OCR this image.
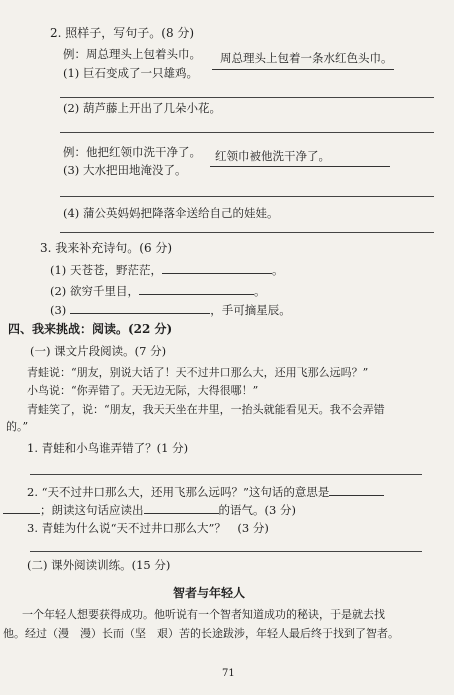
2. 照样子，写句子。(8 分)
例：周总理头上包着头巾。 周总理头上包着一条水红色头巾。
(1) 巨石变成了一只雄鸡。
(2) 葫芦藤上开出了几朵小花。
例：他把红领巾洗干净了。 红领巾被他洗干净了。
(3) 大水把田地淹没了。
(4) 蒲公英妈妈把降落伞送给自己的娃娃。
3. 我来补充诗句。(6 分)
(1) 天苍苍，野茫茫，	。
(2) 欲穷千里目，	。
(3)	，手可摘星辰。
四、我来挑战：阅读。(22 分)
(一) 课文片段阅读。(7 分)
青蛙说：“朋友，别说大话了！天不过井口那么大，还用飞那么远吗？”
小鸟说：“你弄错了。天无边无际，大得很哪！”
青蛙笑了，说：“朋友，我天天坐在井里，一抬头就能看见天。我不会弄错
的。”
1. 青蛙和小鸟谁弄错了？(1 分)
2. “天不过井口那么大，还用飞那么远吗？”这句话的意思是
；朗读这句话应读出	的语气。(3 分)
3. 青蛙为什么说“天不过井口那么大”？　(3 分)
(二) 课外阅读训练。(15 分)
智者与年轻人
一个年轻人想要获得成功。他听说有一个智者知道成功的秘诀，于是就去找
他。经过（漫　漫）长而（坚　艰）苦的长途跋涉，年轻人最后终于找到了智者。
71
